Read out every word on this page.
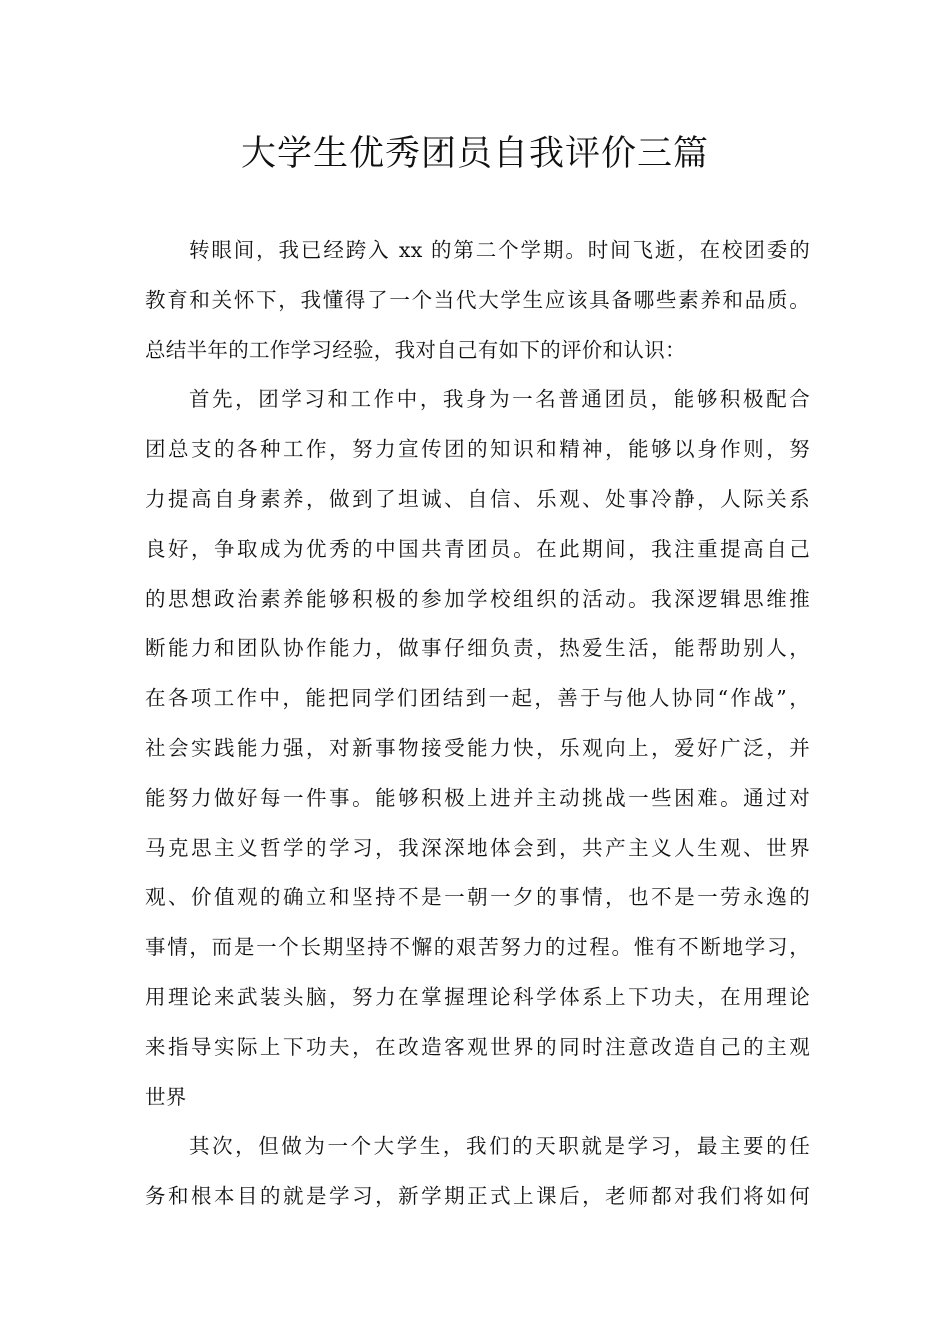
大学生优秀团员自我评价三篇
转眼间，我已经跨入 xx 的第二个学期。时间飞逝，在校团委的
教育和关怀下，我懂得了一个当代大学生应该具备哪些素养和品质。
总结半年的工作学习经验，我对自己有如下的评价和认识：
首先，团学习和工作中，我身为一名普通团员，能够积极配合
团总支的各种工作，努力宣传团的知识和精神，能够以身作则，努
力提高自身素养，做到了坦诚、自信、乐观、处事冷静，人际关系
良好，争取成为优秀的中国共青团员。在此期间，我注重提高自己
的思想政治素养能够积极的参加学校组织的活动。我深逻辑思维推
断能力和团队协作能力，做事仔细负责，热爱生活，能帮助别人，
在各项工作中，能把同学们团结到一起，善于与他人协同“作战”，
社会实践能力强，对新事物接受能力快，乐观向上，爱好广泛，并
能努力做好每一件事。能够积极上进并主动挑战一些困难。通过对
马克思主义哲学的学习，我深深地体会到，共产主义人生观、世界
观、价值观的确立和坚持不是一朝一夕的事情，也不是一劳永逸的
事情，而是一个长期坚持不懈的艰苦努力的过程。惟有不断地学习，
用理论来武装头脑，努力在掌握理论科学体系上下功夫，在用理论
来指导实际上下功夫，在改造客观世界的同时注意改造自己的主观
世界
其次，但做为一个大学生，我们的天职就是学习，最主要的任
务和根本目的就是学习，新学期正式上课后，老师都对我们将如何
